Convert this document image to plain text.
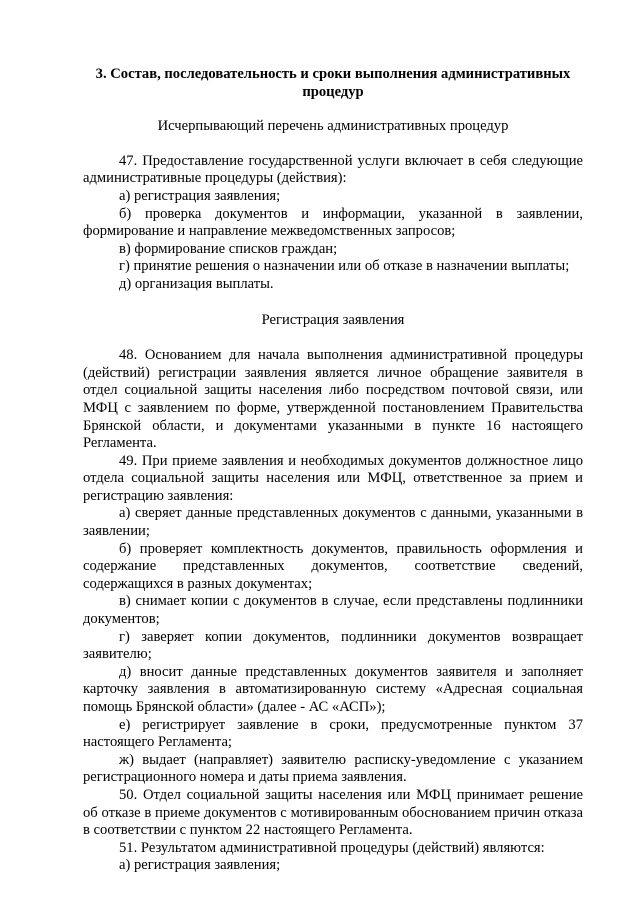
3. Состав, последовательность и сроки выполнения административных процедур

Исчерпывающий перечень административных процедур

47. Предоставление государственной услуги включает в себя следующие административные процедуры (действия):

а) регистрация заявления;

б) проверка документов и информации, указанной в заявлении, формирование и направление межведомственных запросов;

в) формирование списков граждан;

г) принятие решения о назначении или об отказе в назначении выплаты;

д) организация выплаты.

Регистрация заявления

48. Основанием для начала выполнения административной процедуры (действий) регистрации заявления является личное обращение заявителя в отдел социальной защиты населения либо посредством почтовой связи, или МФЦ с заявлением по форме, утвержденной постановлением Правительства Брянской области, и документами указанными в пункте 16 настоящего Регламента.

49. При приеме заявления и необходимых документов должностное лицо отдела социальной защиты населения или МФЦ, ответственное за прием и регистрацию заявления:

а) сверяет данные представленных документов с данными, указанными в заявлении;

б) проверяет комплектность документов, правильность оформления и содержание представленных документов, соответствие сведений, содержащихся в разных документах;

в) снимает копии с документов в случае, если представлены подлинники документов;

г) заверяет копии документов, подлинники документов возвращает заявителю;

д) вносит данные представленных документов заявителя и заполняет карточку заявления в автоматизированную систему «Адресная социальная помощь Брянской области» (далее - АС «АСП»);

е) регистрирует заявление в сроки, предусмотренные пунктом 37 настоящего Регламента;

ж) выдает (направляет) заявителю расписку-уведомление с указанием регистрационного номера и даты приема заявления.

50. Отдел социальной защиты населения или МФЦ принимает решение об отказе в приеме документов с мотивированным обоснованием причин отказа в соответствии с пунктом 22 настоящего Регламента.

51. Результатом административной процедуры (действий) являются:

а) регистрация заявления;
